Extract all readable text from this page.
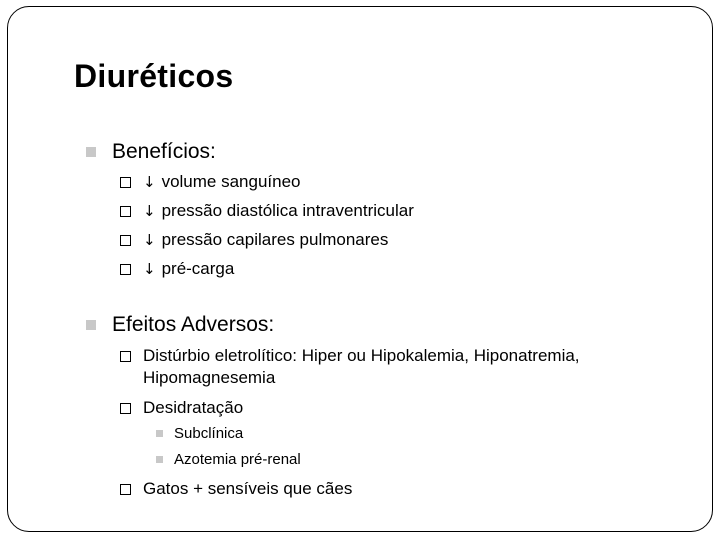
Diuréticos
Benefícios:
↓ volume sanguíneo
↓ pressão diastólica intraventricular
↓ pressão capilares pulmonares
↓ pré-carga
Efeitos Adversos:
Distúrbio eletrolítico: Hiper ou Hipokalemia, Hiponatremia,
Hipomagnesemia
Desidratação
Subclínica
Azotemia pré-renal
Gatos + sensíveis que cães
